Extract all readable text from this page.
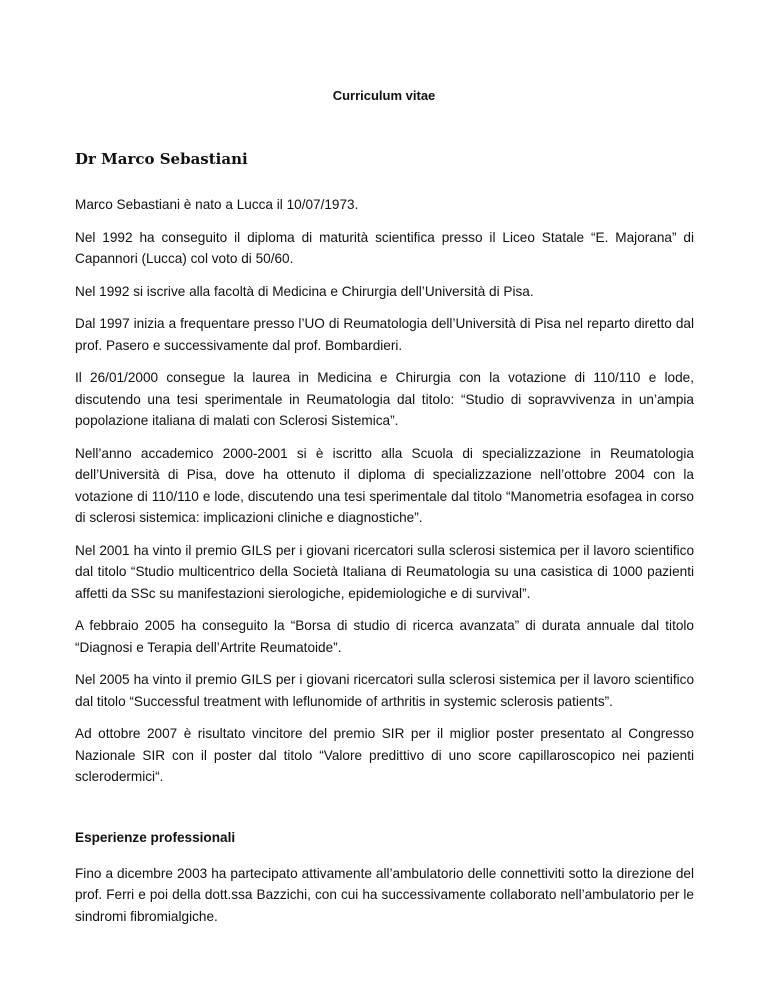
Curriculum vitae
Dr Marco Sebastiani

Marco Sebastiani è nato a Lucca il 10/07/1973.

Nel 1992 ha conseguito il diploma di maturità scientifica presso il Liceo Statale “E. Majorana” di Capannori (Lucca) col voto di 50/60.

Nel 1992 si iscrive alla facoltà di Medicina e Chirurgia dell’Università di Pisa.

Dal 1997 inizia a frequentare presso l’UO di Reumatologia dell’Università di Pisa nel reparto diretto dal prof. Pasero e successivamente dal prof. Bombardieri.

Il 26/01/2000 consegue la laurea in Medicina e Chirurgia con la votazione di 110/110 e lode, discutendo una tesi sperimentale in Reumatologia dal titolo: “Studio di sopravvivenza in un’ampia popolazione italiana di malati con Sclerosi Sistemica”.

Nell’anno accademico 2000-2001 si è iscritto alla Scuola di specializzazione in Reumatologia dell’Università di Pisa, dove ha ottenuto il diploma di specializzazione nell’ottobre 2004 con la votazione di 110/110 e lode, discutendo una tesi sperimentale dal titolo “Manometria esofagea in corso di sclerosi sistemica: implicazioni cliniche e diagnostiche”.

Nel 2001 ha vinto il premio GILS per i giovani ricercatori sulla sclerosi sistemica per il lavoro scientifico dal titolo “Studio multicentrico della Società Italiana di Reumatologia su una casistica di 1000 pazienti affetti da SSc su manifestazioni sierologiche, epidemiologiche e di survival”.

A febbraio 2005 ha conseguito la “Borsa di studio di ricerca avanzata” di durata annuale dal titolo “Diagnosi e Terapia dell’Artrite Reumatoide”.

Nel 2005 ha vinto il premio GILS per i giovani ricercatori sulla sclerosi sistemica per il lavoro scientifico dal titolo “Successful treatment with leflunomide of arthritis in systemic sclerosis patients”.

Ad ottobre 2007 è risultato vincitore del premio SIR per il miglior poster presentato al Congresso Nazionale SIR con il poster dal titolo “Valore predittivo di uno score capillaroscopico nei pazienti sclerodermici“.

Esperienze professionali

Fino a dicembre 2003 ha partecipato attivamente all’ambulatorio delle connettiviti sotto la direzione del prof. Ferri e poi della dott.ssa Bazzichi, con cui ha successivamente collaborato nell’ambulatorio per le sindromi fibromialgiche.
